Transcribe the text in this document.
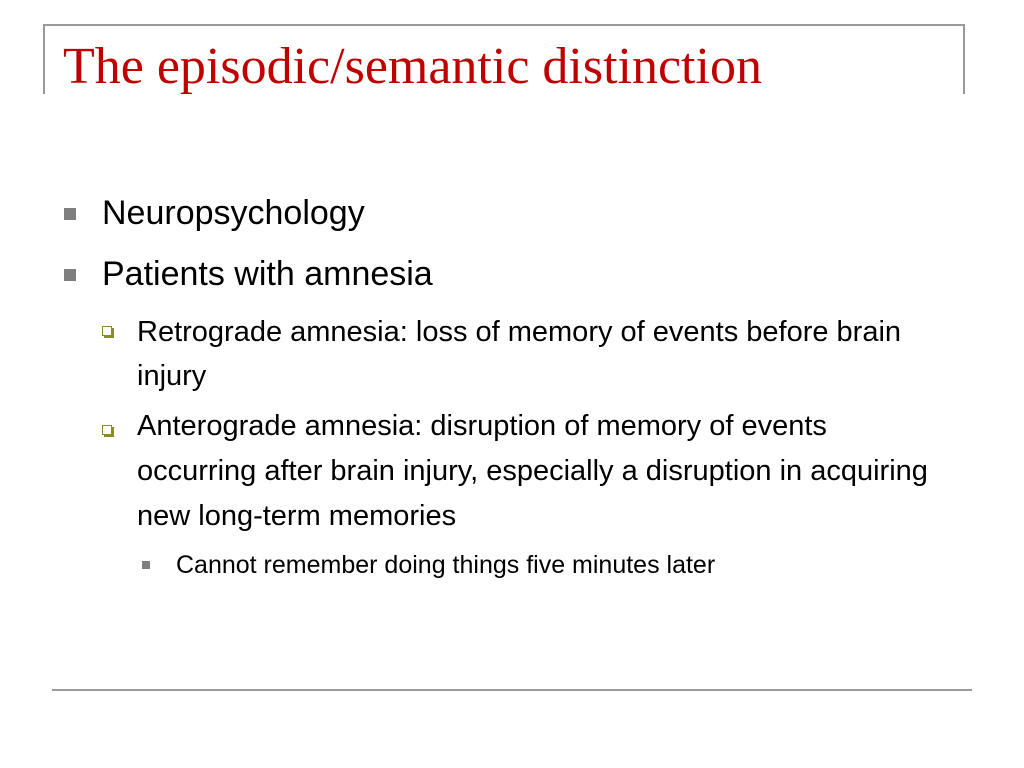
The episodic/semantic distinction
Neuropsychology
Patients with amnesia
Retrograde amnesia: loss of memory of events before brain injury
Anterograde amnesia: disruption of memory of events occurring after brain injury, especially a disruption in acquiring new long-term memories
Cannot remember doing things five minutes later
